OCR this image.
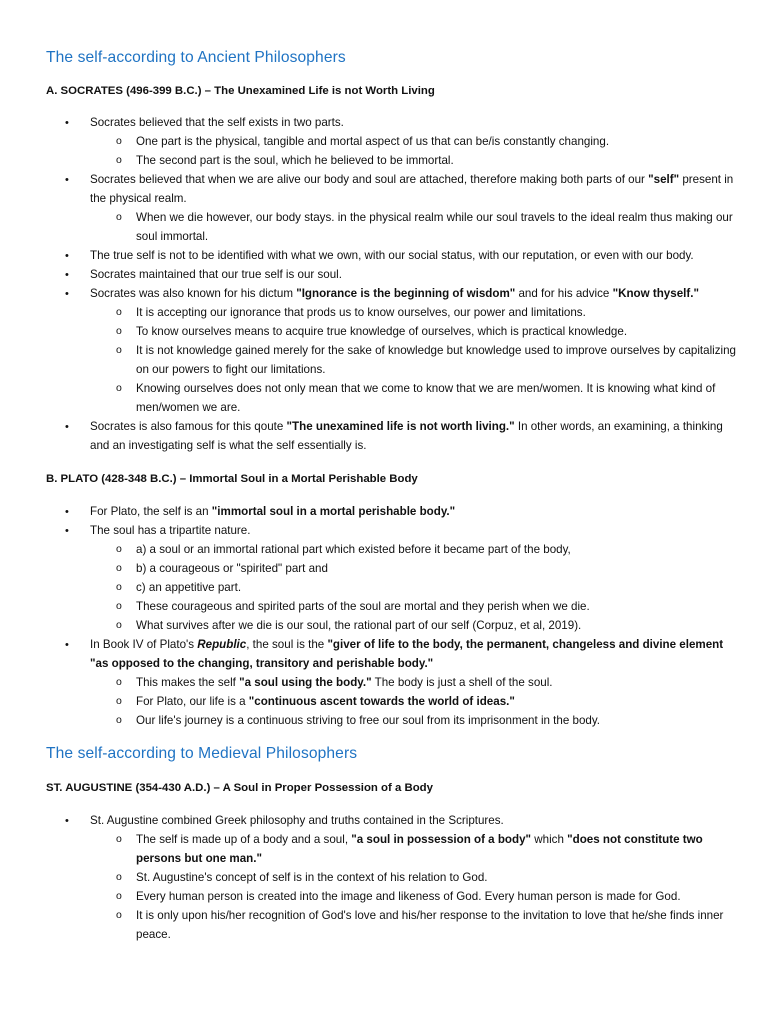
The self-according to Ancient Philosophers

A. SOCRATES (496-399 B.C.) – The Unexamined Life is not Worth Living

• Socrates believed that the self exists in two parts.
o One part is the physical, tangible and mortal aspect of us that can be/is constantly changing.
o The second part is the soul, which he believed to be immortal.
• Socrates believed that when we are alive our body and soul are attached, therefore making both parts of our "self" present in
the physical realm.
o When we die however, our body stays. in the physical realm while our soul travels to the ideal realm thus making our
soul immortal.
• The true self is not to be identified with what we own, with our social status, with our reputation, or even with our body.
• Socrates maintained that our true self is our soul.
• Socrates was also known for his dictum "Ignorance is the beginning of wisdom" and for his advice "Know thyself."
o It is accepting our ignorance that prods us to know ourselves, our power and limitations.
o To know ourselves means to acquire true knowledge of ourselves, which is practical knowledge.
o It is not knowledge gained merely for the sake of knowledge but knowledge used to improve ourselves by capitalizing
on our powers to fight our limitations.
o Knowing ourselves does not only mean that we come to know that we are men/women. It is knowing what kind of
men/women we are.
• Socrates is also famous for this qoute "The unexamined life is not worth living." In other words, an examining, a thinking
and an investigating self is what the self essentially is.

B. PLATO (428-348 B.C.) – Immortal Soul in a Mortal Perishable Body

• For Plato, the self is an "immortal soul in a mortal perishable body."
• The soul has a tripartite nature.
o a) a soul or an immortal rational part which existed before it became part of the body,
o b) a courageous or "spirited" part and
o c) an appetitive part.
o These courageous and spirited parts of the soul are mortal and they perish when we die.
o What survives after we die is our soul, the rational part of our self (Corpuz, et al, 2019).
• In Book IV of Plato's Republic, the soul is the "giver of life to the body, the permanent, changeless and divine element
"as opposed to the changing, transitory and perishable body."
o This makes the self "a soul using the body." The body is just a shell of the soul.
o For Plato, our life is a "continuous ascent towards the world of ideas."
o Our life's journey is a continuous striving to free our soul from its imprisonment in the body.
The self-according to Medieval Philosophers

ST. AUGUSTINE (354-430 A.D.) – A Soul in Proper Possession of a Body

• St. Augustine combined Greek philosophy and truths contained in the Scriptures.
o The self is made up of a body and a soul, "a soul in possession of a body" which "does not constitute two
persons but one man."
o St. Augustine's concept of self is in the context of his relation to God.
o Every human person is created into the image and likeness of God. Every human person is made for God.
o It is only upon his/her recognition of God's love and his/her response to the invitation to love that he/she finds inner
peace.
